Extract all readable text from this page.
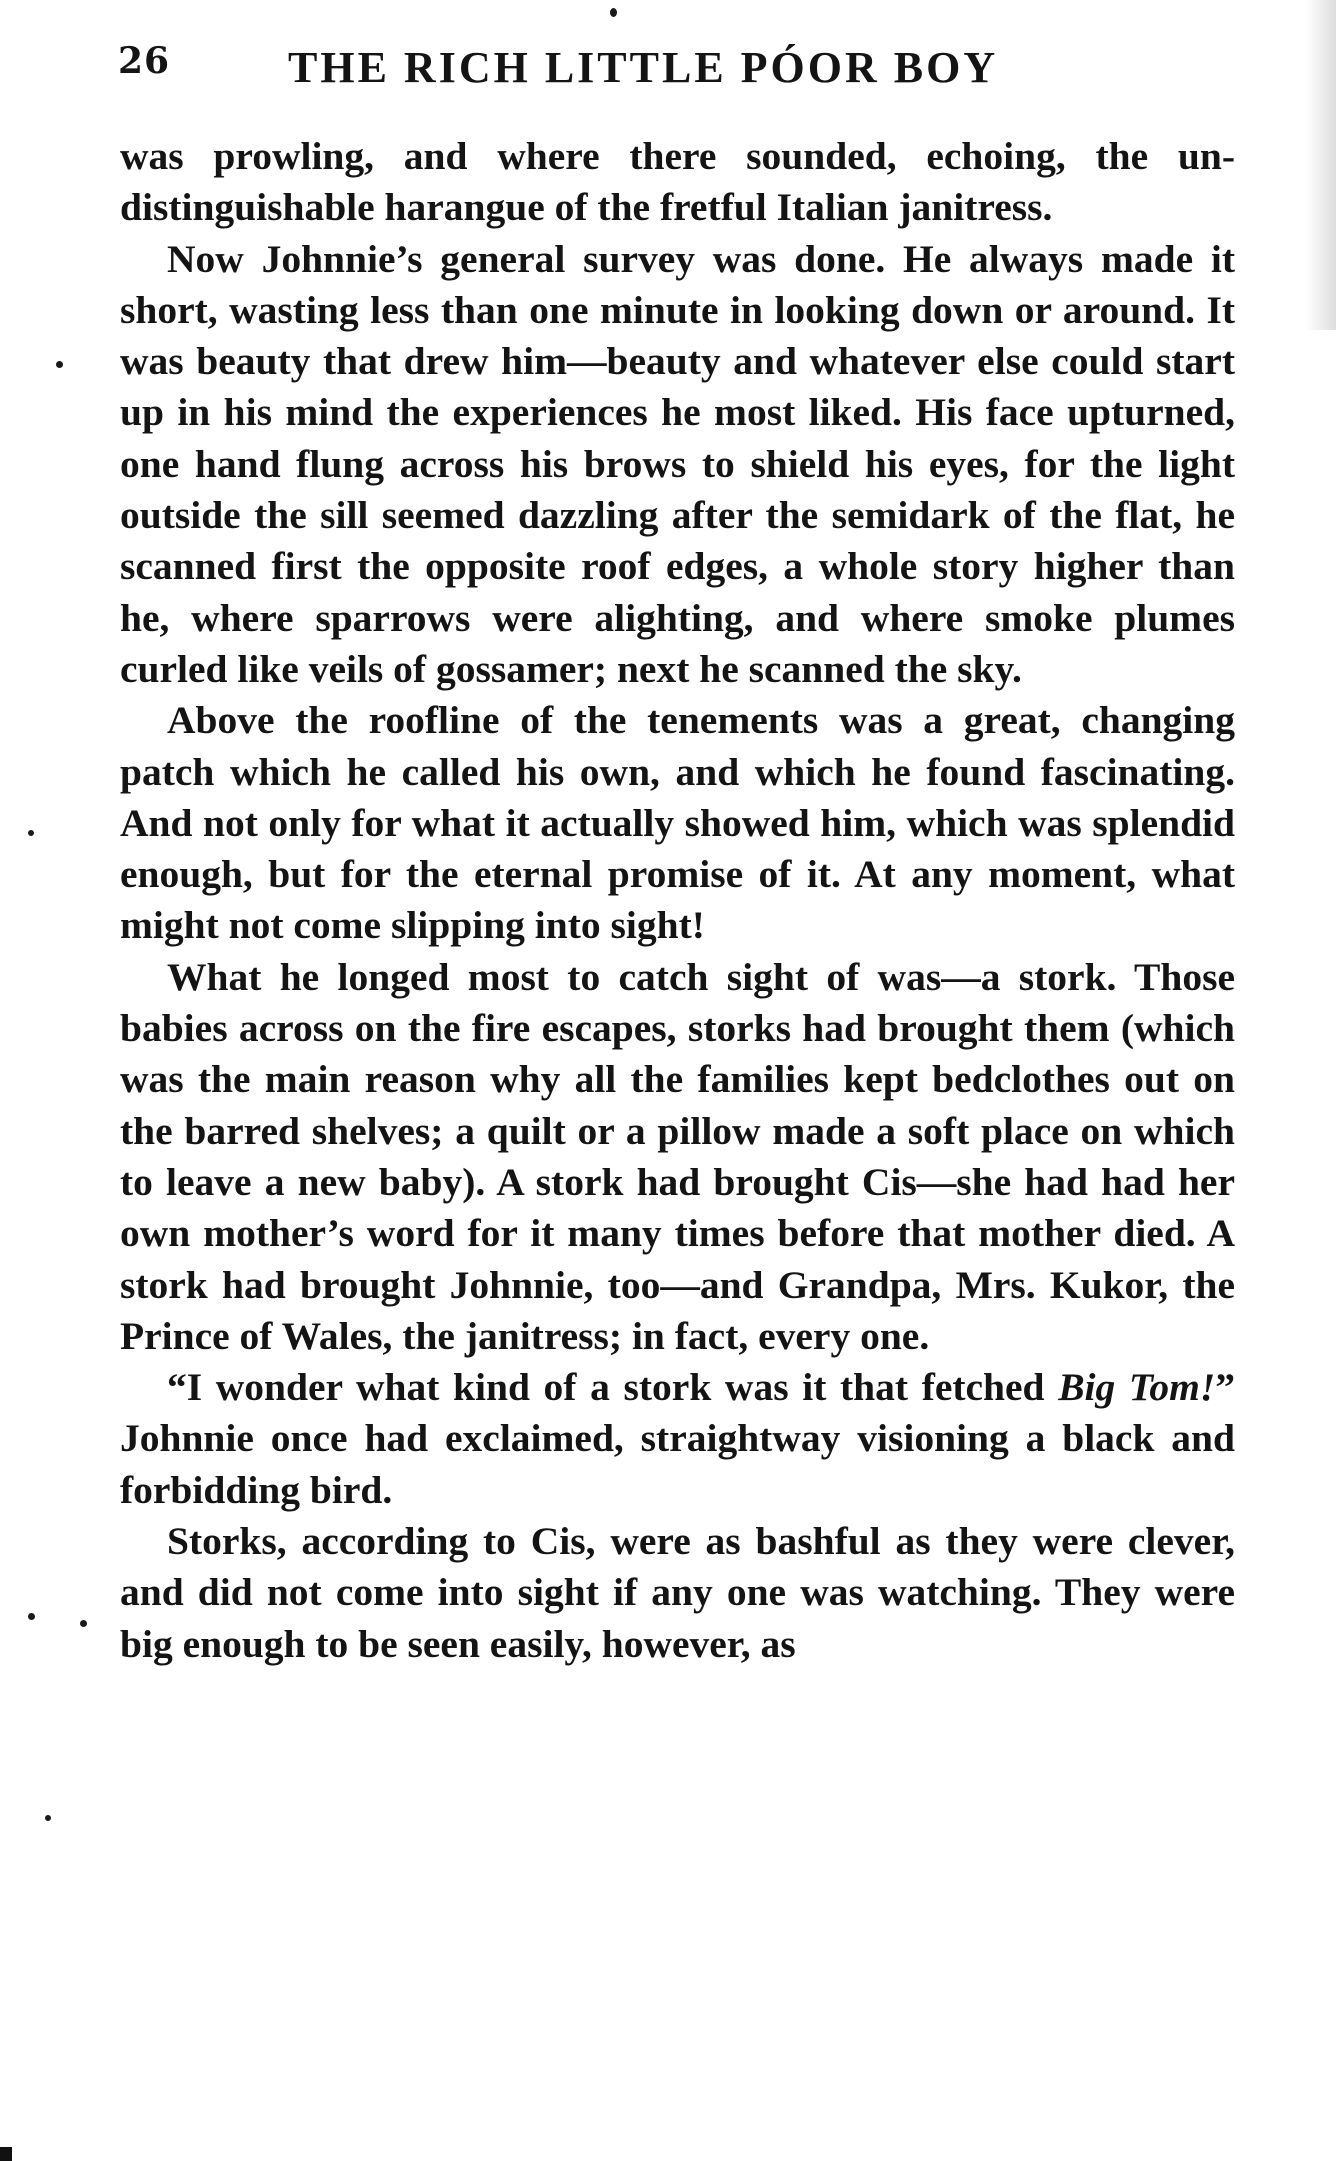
26	THE RICH LITTLE PÓOR BOY

was prowling, and where there sounded, echoing, the undistinguishable harangue of the fretful Italian janitress.

Now Johnnie’s general survey was done. He always made it short, wasting less than one minute in looking down or around. It was beauty that drew him—beauty and whatever else could start up in his mind the experiences he most liked. His face upturned, one hand flung across his brows to shield his eyes, for the light outside the sill seemed dazzling after the semidark of the flat, he scanned first the opposite roof edges, a whole story higher than he, where sparrows were alighting, and where smoke plumes curled like veils of gossamer; next he scanned the sky.

Above the roofline of the tenements was a great, changing patch which he called his own, and which he found fascinating. And not only for what it actually showed him, which was splendid enough, but for the eternal promise of it. At any moment, what might not come slipping into sight!

What he longed most to catch sight of was—a stork. Those babies across on the fire escapes, storks had brought them (which was the main reason why all the families kept bedclothes out on the barred shelves; a quilt or a pillow made a soft place on which to leave a new baby). A stork had brought Cis—she had had her own mother’s word for it many times before that mother died. A stork had brought Johnnie, too—and Grandpa, Mrs. Kukor, the Prince of Wales, the janitress; in fact, every one.

“I wonder what kind of a stork was it that fetched Big Tom!” Johnnie once had exclaimed, straightway visioning a black and forbidding bird.

Storks, according to Cis, were as bashful as they were clever, and did not come into sight if any one was watching. They were big enough to be seen easily, however, as
